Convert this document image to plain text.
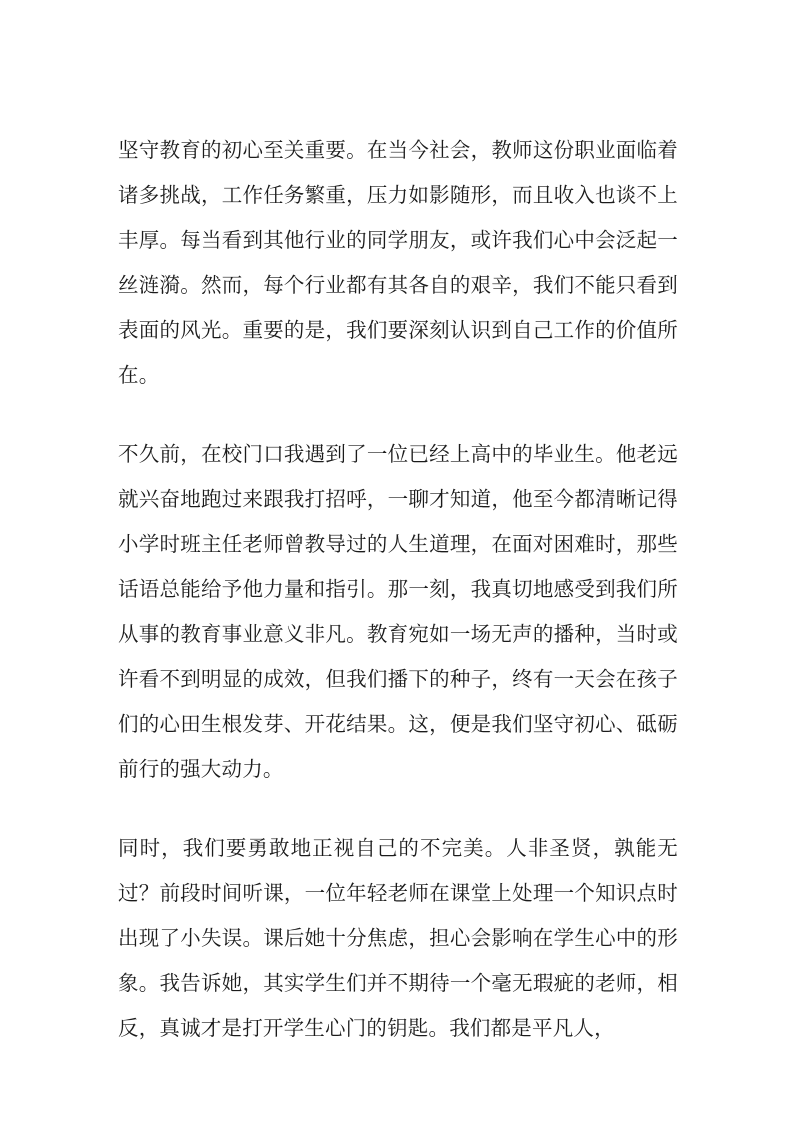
坚守教育的初心至关重要。在当今社会，教师这份职业面临着诸多挑战，工作任务繁重，压力如影随形，而且收入也谈不上丰厚。每当看到其他行业的同学朋友，或许我们心中会泛起一丝涟漪。然而，每个行业都有其各自的艰辛，我们不能只看到表面的风光。重要的是，我们要深刻认识到自己工作的价值所在。

不久前，在校门口我遇到了一位已经上高中的毕业生。他老远就兴奋地跑过来跟我打招呼，一聊才知道，他至今都清晰记得小学时班主任老师曾教导过的人生道理，在面对困难时，那些话语总能给予他力量和指引。那一刻，我真切地感受到我们所从事的教育事业意义非凡。教育宛如一场无声的播种，当时或许看不到明显的成效，但我们播下的种子，终有一天会在孩子们的心田生根发芽、开花结果。这，便是我们坚守初心、砥砺前行的强大动力。

同时，我们要勇敢地正视自己的不完美。人非圣贤，孰能无过？前段时间听课，一位年轻老师在课堂上处理一个知识点时出现了小失误。课后她十分焦虑，担心会影响在学生心中的形象。我告诉她，其实学生们并不期待一个毫无瑕疵的老师，相反，真诚才是打开学生心门的钥匙。我们都是平凡人，
